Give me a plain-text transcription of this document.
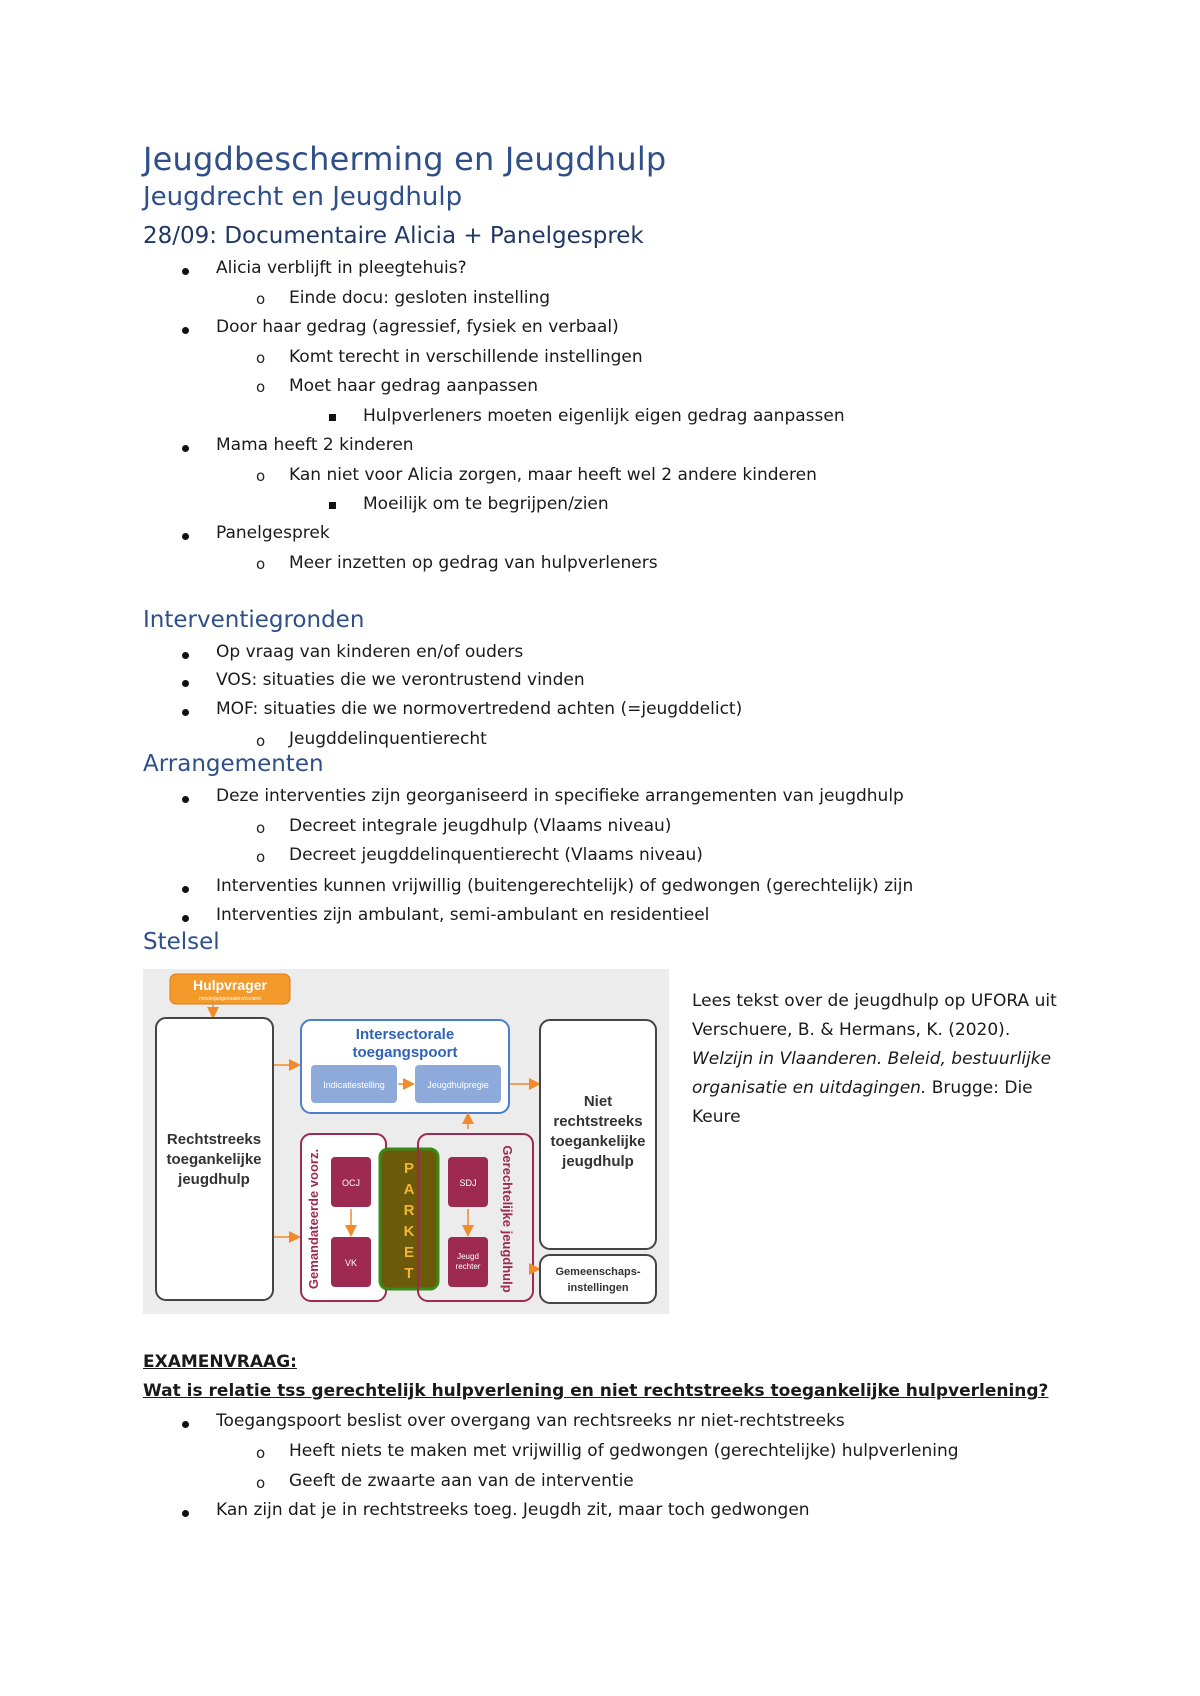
Jeugdbescherming en Jeugdhulp
Jeugdrecht en Jeugdhulp
28/09: Documentaire Alicia + Panelgesprek
Alicia verblijft in pleegtehuis?
o Einde docu: gesloten instelling
Door haar gedrag (agressief, fysiek en verbaal)
o Komt terecht in verschillende instellingen
o Moet haar gedrag aanpassen
Hulpverleners moeten eigenlijk eigen gedrag aanpassen
Mama heeft 2 kinderen
o Kan niet voor Alicia zorgen, maar heeft wel 2 andere kinderen
Moeilijk om te begrijpen/zien
Panelgesprek
o Meer inzetten op gedrag van hulpverleners
Interventiegronden
Op vraag van kinderen en/of ouders
VOS: situaties die we verontrustend vinden
MOF: situaties die we normovertredend achten (=jeugddelict)
o Jeugddelinquentierecht
Arrangementen
Deze interventies zijn georganiseerd in specifieke arrangementen van jeugdhulp
o Decreet integrale jeugdhulp (Vlaams niveau)
o Decreet jeugddelinquentierecht (Vlaams niveau)
Interventies kunnen vrijwillig (buitengerechtelijk) of gedwongen (gerechtelijk) zijn
Interventies zijn ambulant, semi-ambulant en residentieel
Stelsel
Hulpvrager
minderjarige/ouders/context
Rechtstreeks
toegankelijke
jeugdhulp
Intersectorale
toegangspoort
Indicatiestelling	Jeugdhulpregie
Niet
rechtstreeks
toegankelijke
jeugdhulp
Gemandateerde voorz. OCJ
VK
P
A
R
K
E
T	Gerechtelijke jeugdhulp
SDJ
Jeugd
rechter	Gemeenschaps-
instellingen
Lees tekst over de jeugdhulp op UFORA uit
Verschuere, B. & Hermans, K. (2020).
Welzijn in Vlaanderen. Beleid, bestuurlijke
organisatie en uitdagingen. Brugge: Die
Keure
EXAMENVRAAG:
Wat is relatie tss gerechtelijk hulpverlening en niet rechtstreeks toegankelijke hulpverlening?
Toegangspoort beslist over overgang van rechtsreeks nr niet-rechtstreeks
o Heeft niets te maken met vrijwillig of gedwongen (gerechtelijke) hulpverlening
o Geeft de zwaarte aan van de interventie
Kan zijn dat je in rechtstreeks toeg. Jeugdh zit, maar toch gedwongen
